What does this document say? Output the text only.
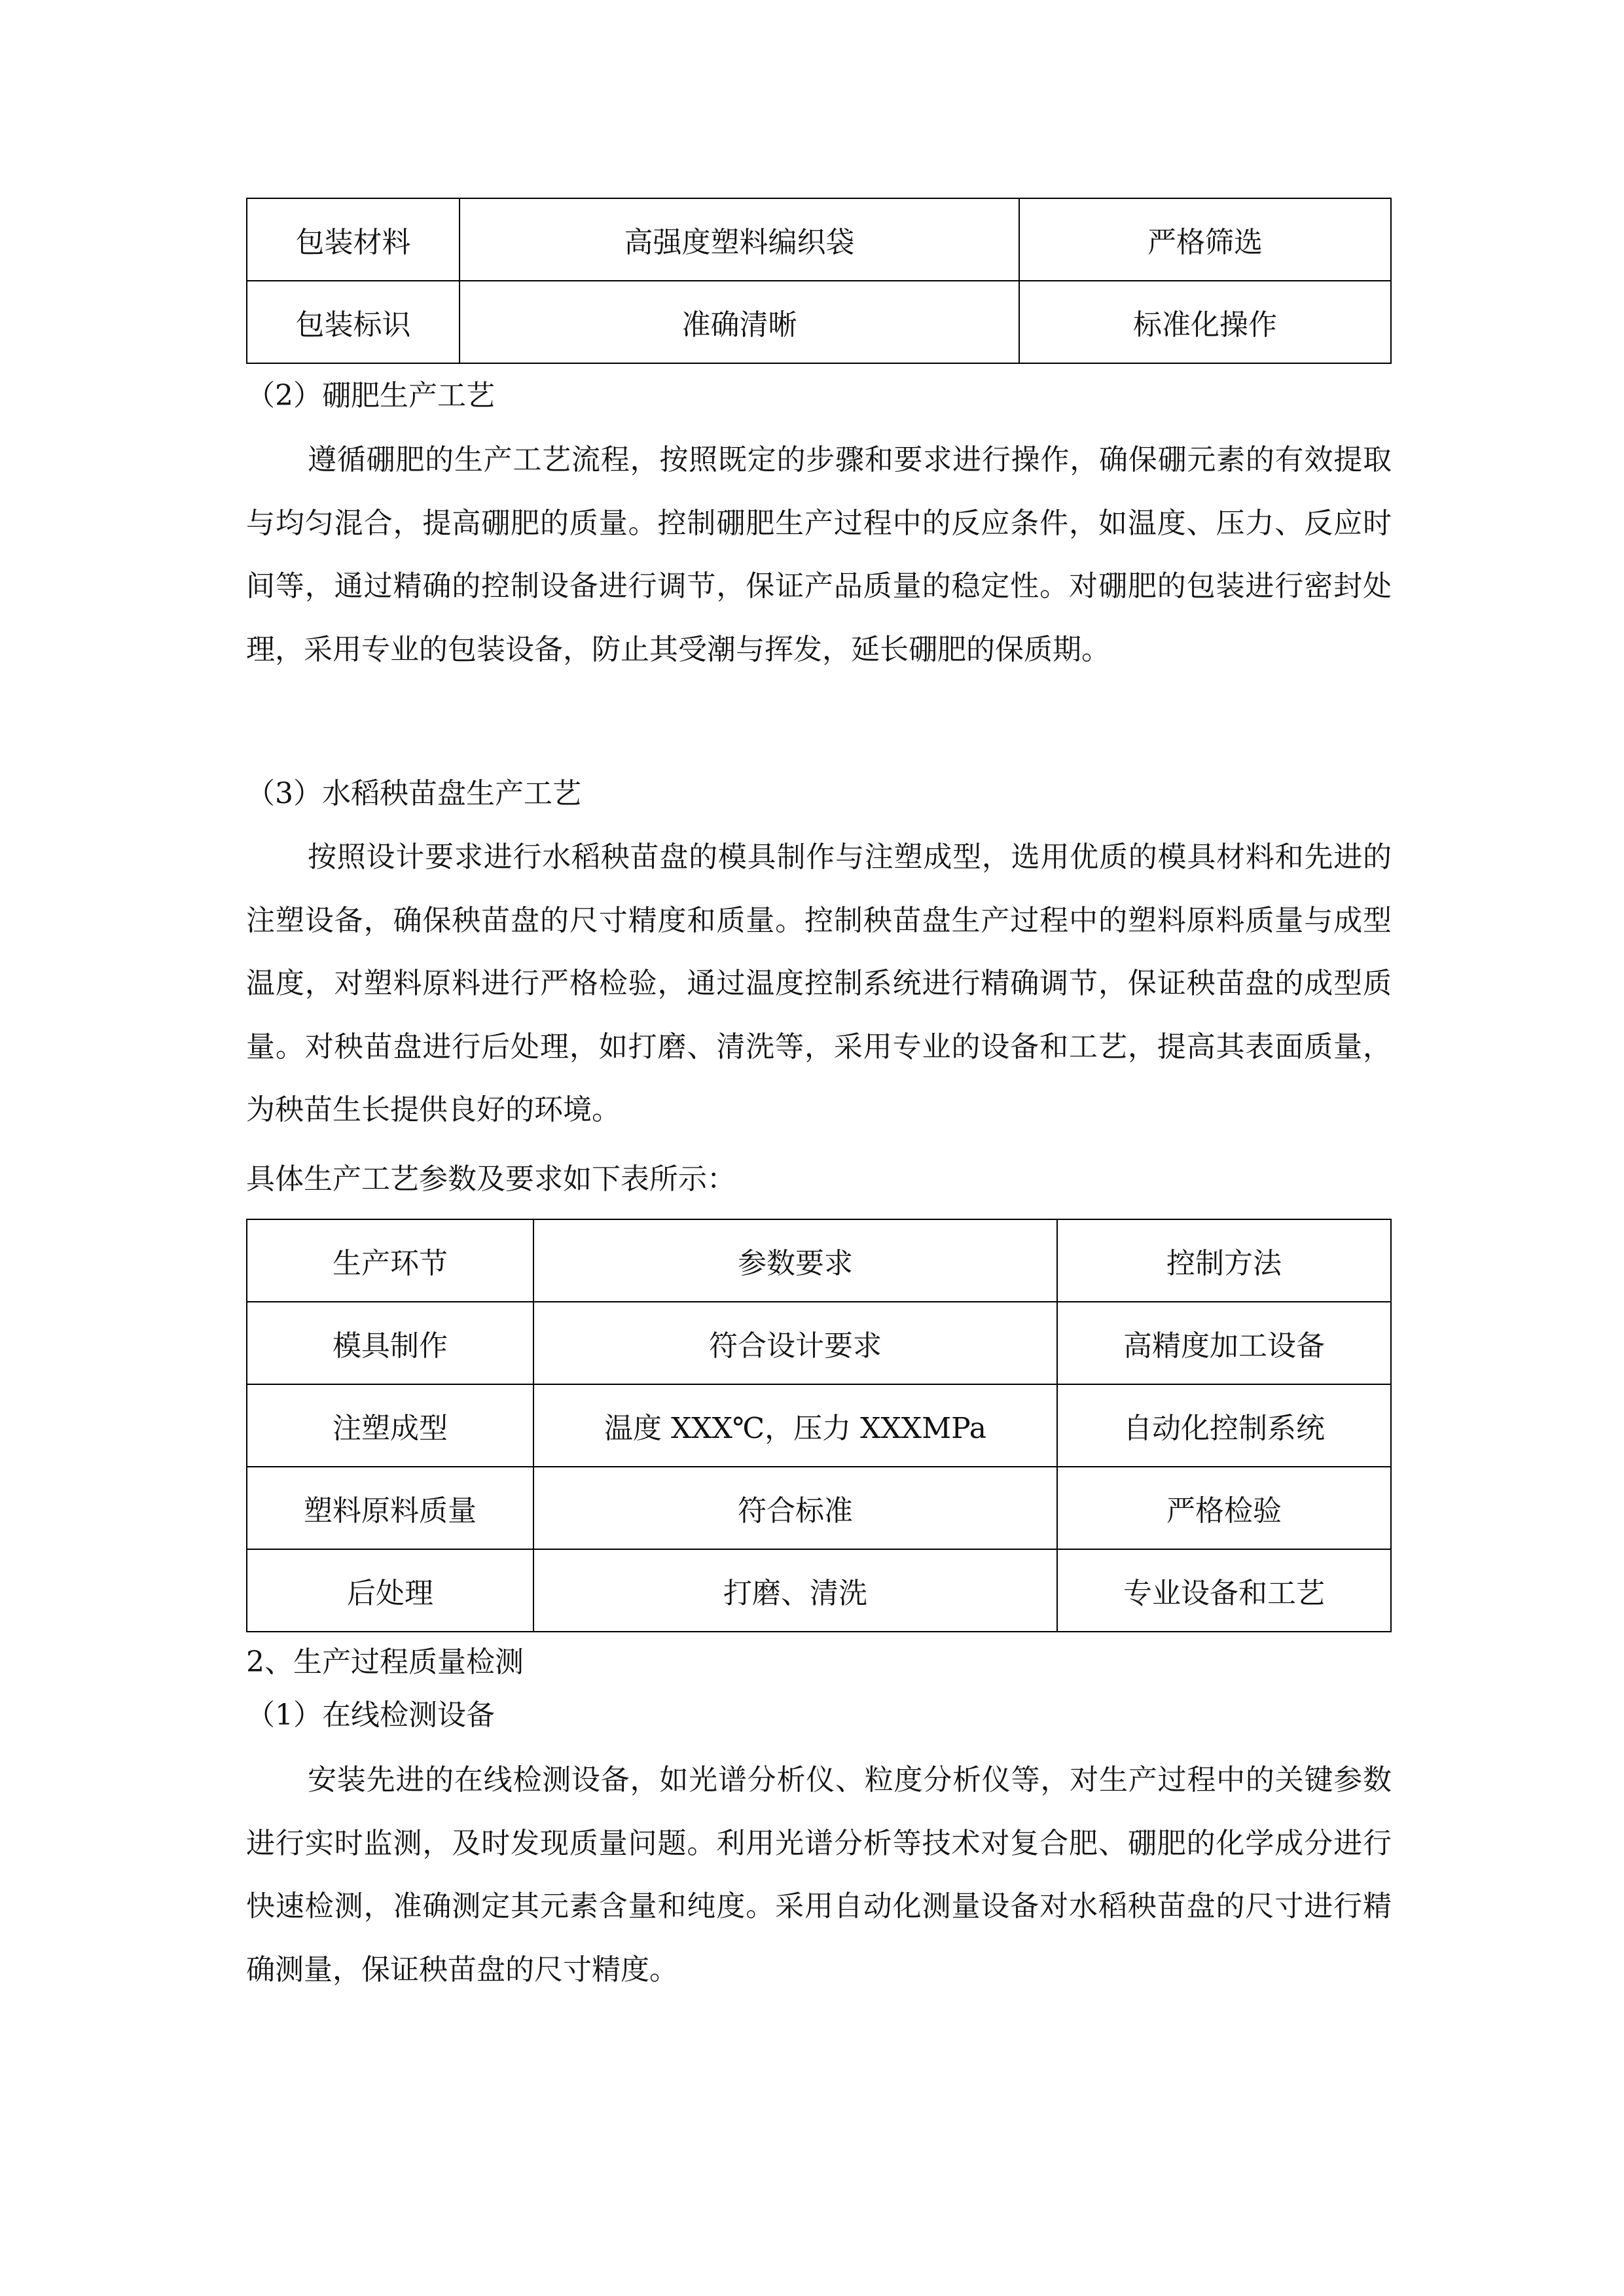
包装材料	高强度塑料编织袋	严格筛选
包装标识	准确清晰	标准化操作
（2）硼肥生产工艺

遵循硼肥的生产工艺流程，按照既定的步骤和要求进行操作，确保硼元素的有效提取与均匀混合，提高硼肥的质量。控制硼肥生产过程中的反应条件，如温度、压力、反应时间等，通过精确的控制设备进行调节，保证产品质量的稳定性。对硼肥的包装进行密封处理，采用专业的包装设备，防止其受潮与挥发，延长硼肥的保质期。

（3）水稻秧苗盘生产工艺

按照设计要求进行水稻秧苗盘的模具制作与注塑成型，选用优质的模具材料和先进的注塑设备，确保秧苗盘的尺寸精度和质量。控制秧苗盘生产过程中的塑料原料质量与成型温度，对塑料原料进行严格检验，通过温度控制系统进行精确调节，保证秧苗盘的成型质量。对秧苗盘进行后处理，如打磨、清洗等，采用专业的设备和工艺，提高其表面质量，为秧苗生长提供良好的环境。

具体生产工艺参数及要求如下表所示：
生产环节	参数要求	控制方法
模具制作	符合设计要求	高精度加工设备
注塑成型	温度 XXX℃，压力 XXXMPa	自动化控制系统
塑料原料质量	符合标准	严格检验
后处理	打磨、清洗	专业设备和工艺
2、生产过程质量检测
（1）在线检测设备

安装先进的在线检测设备，如光谱分析仪、粒度分析仪等，对生产过程中的关键参数进行实时监测，及时发现质量问题。利用光谱分析等技术对复合肥、硼肥的化学成分进行快速检测，准确测定其元素含量和纯度。采用自动化测量设备对水稻秧苗盘的尺寸进行精确测量，保证秧苗盘的尺寸精度。
